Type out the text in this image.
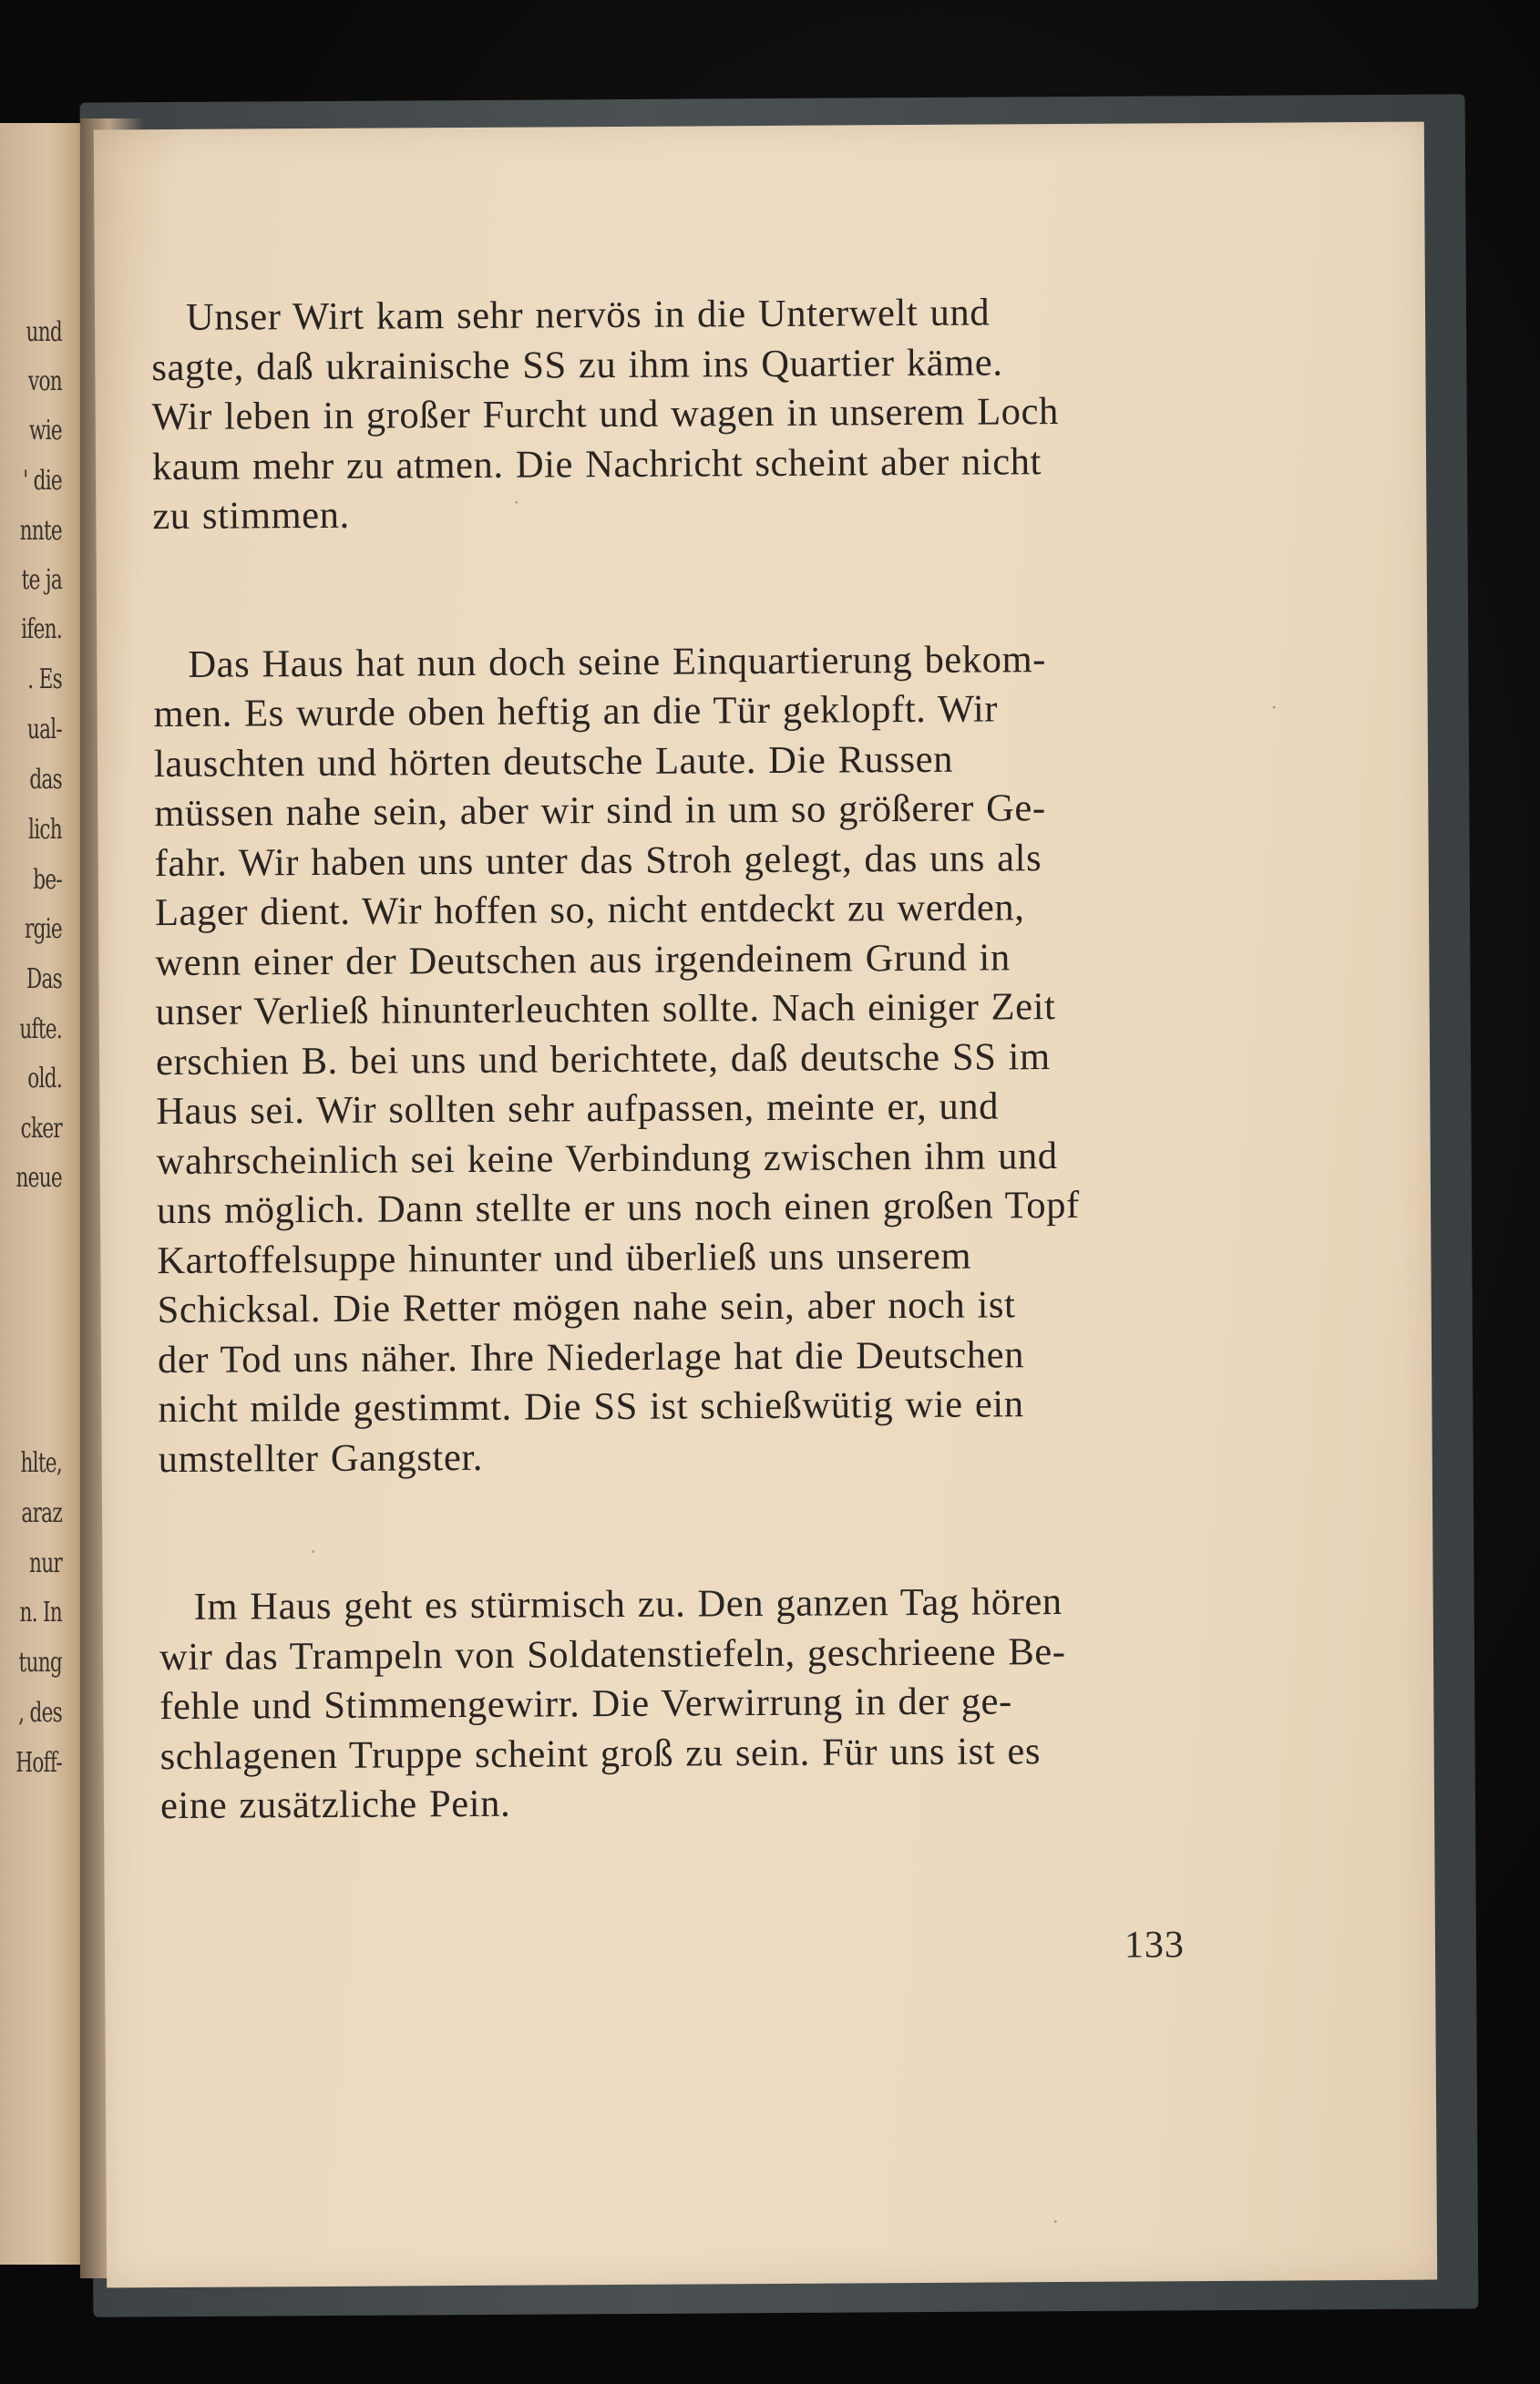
und
von
wie
' die
nnte
te ja
ifen.
. Es
ual-
das
lich
be-
rgie
Das
ufte.
old.
cker
neue
hlte,
araz
nur
n. In
tung
, des
Hoff-

Unser Wirt kam sehr nervös in die Unterwelt und
sagte, daß ukrainische SS zu ihm ins Quartier käme.
Wir leben in großer Furcht und wagen in unserem Loch
kaum mehr zu atmen. Die Nachricht scheint aber nicht
zu stimmen.

Das Haus hat nun doch seine Einquartierung bekom-
men. Es wurde oben heftig an die Tür geklopft. Wir
lauschten und hörten deutsche Laute. Die Russen
müssen nahe sein, aber wir sind in um so größerer Ge-
fahr. Wir haben uns unter das Stroh gelegt, das uns als
Lager dient. Wir hoffen so, nicht entdeckt zu werden,
wenn einer der Deutschen aus irgendeinem Grund in
unser Verließ hinunterleuchten sollte. Nach einiger Zeit
erschien B. bei uns und berichtete, daß deutsche SS im
Haus sei. Wir sollten sehr aufpassen, meinte er, und
wahrscheinlich sei keine Verbindung zwischen ihm und
uns möglich. Dann stellte er uns noch einen großen Topf
Kartoffelsuppe hinunter und überließ uns unserem
Schicksal. Die Retter mögen nahe sein, aber noch ist
der Tod uns näher. Ihre Niederlage hat die Deutschen
nicht milde gestimmt. Die SS ist schießwütig wie ein
umstellter Gangster.

Im Haus geht es stürmisch zu. Den ganzen Tag hören
wir das Trampeln von Soldatenstiefeln, geschrieene Be-
fehle und Stimmengewirr. Die Verwirrung in der ge-
schlagenen Truppe scheint groß zu sein. Für uns ist es
eine zusätzliche Pein.

133
